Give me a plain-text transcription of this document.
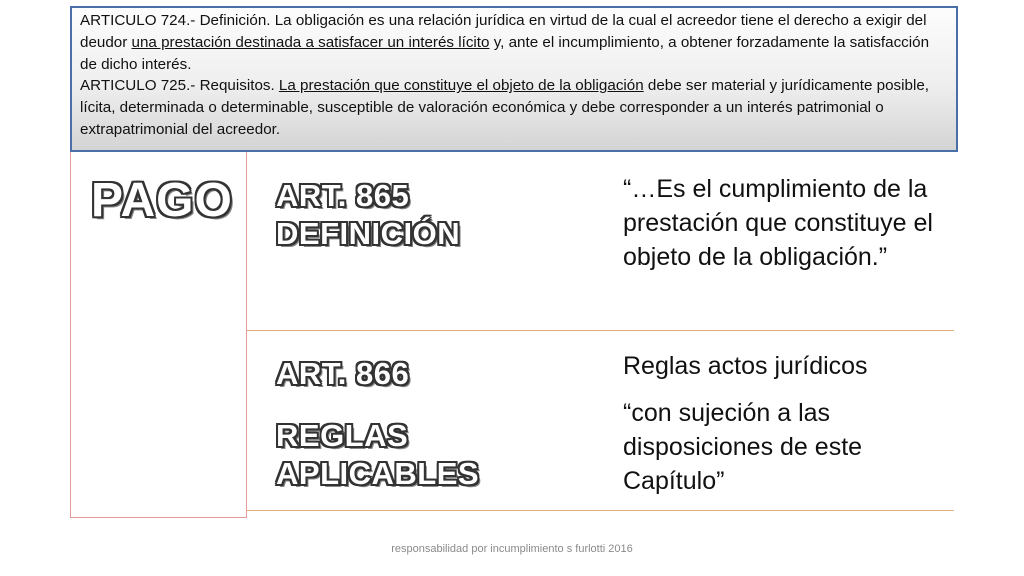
ARTICULO 724.- Definición. La obligación es una relación jurídica en virtud de la cual el acreedor tiene el derecho a exigir del deudor una prestación destinada a satisfacer un interés lícito y, ante el incumplimiento, a obtener forzadamente la satisfacción de dicho interés.

ARTICULO 725.- Requisitos. La prestación que constituye el objeto de la obligación debe ser material y jurídicamente posible, lícita, determinada o determinable, susceptible de valoración económica y debe corresponder a un interés patrimonial o extrapatrimonial del acreedor.

PAGO ART. 865
DEFINICIÓN
“…Es el cumplimiento de la prestación que constituye el objeto de la obligación.”
ART. 866
REGLAS
APLICABLES
Reglas actos jurídicos
“con sujeción a las disposiciones de este Capítulo”
responsabilidad por incumplimiento s furlotti 2016
